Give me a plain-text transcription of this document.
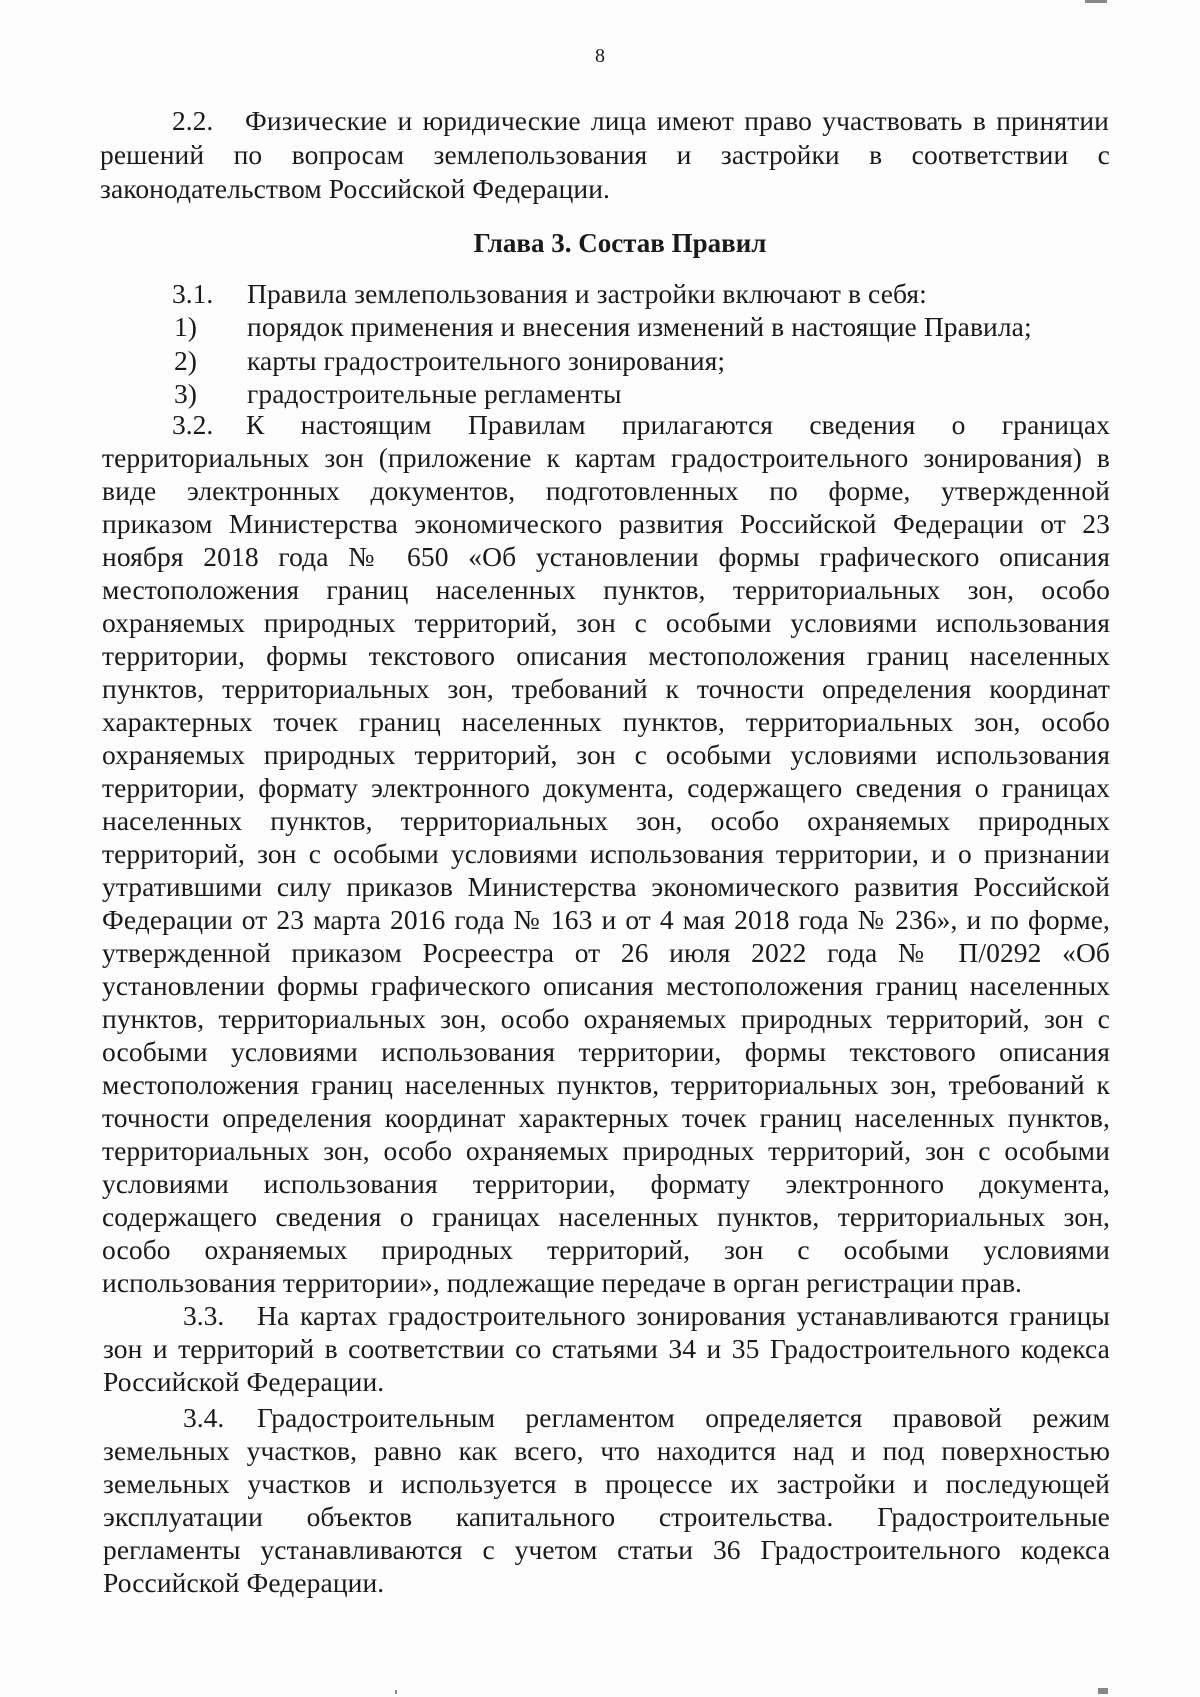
8
2.2. Физические и юридические лица имеют право участвовать в принятии
решений по вопросам землепользования и застройки в соответствии с
законодательством Российской Федерации.
Глава 3. Состав Правил
3.1. Правила землепользования и застройки включают в себя:
1) порядок применения и внесения изменений в настоящие Правила;
2) карты градостроительного зонирования;
3) градостроительные регламенты
3.2. К настоящим Правилам прилагаются сведения о границах
территориальных зон (приложение к картам градостроительного зонирования) в
виде электронных документов, подготовленных по форме, утвержденной
приказом Министерства экономического развития Российской Федерации от 23
ноября 2018 года № 650 «Об установлении формы графического описания
местоположения границ населенных пунктов, территориальных зон, особо
охраняемых природных территорий, зон с особыми условиями использования
территории, формы текстового описания местоположения границ населенных
пунктов, территориальных зон, требований к точности определения координат
характерных точек границ населенных пунктов, территориальных зон, особо
охраняемых природных территорий, зон с особыми условиями использования
территории, формату электронного документа, содержащего сведения о границах
населенных пунктов, территориальных зон, особо охраняемых природных
территорий, зон с особыми условиями использования территории, и о признании
утратившими силу приказов Министерства экономического развития Российской
Федерации от 23 марта 2016 года № 163 и от 4 мая 2018 года № 236», и по форме,
утвержденной приказом Росреестра от 26 июля 2022 года № П/0292 «Об
установлении формы графического описания местоположения границ населенных
пунктов, территориальных зон, особо охраняемых природных территорий, зон с
особыми условиями использования территории, формы текстового описания
местоположения границ населенных пунктов, территориальных зон, требований к
точности определения координат характерных точек границ населенных пунктов,
территориальных зон, особо охраняемых природных территорий, зон с особыми
условиями использования территории, формату электронного документа,
содержащего сведения о границах населенных пунктов, территориальных зон,
особо охраняемых природных территорий, зон с особыми условиями
использования территории», подлежащие передаче в орган регистрации прав.
3.3. На картах градостроительного зонирования устанавливаются границы
зон и территорий в соответствии со статьями 34 и 35 Градостроительного кодекса
Российской Федерации.
3.4. Градостроительным регламентом определяется правовой режим
земельных участков, равно как всего, что находится над и под поверхностью
земельных участков и используется в процессе их застройки и последующей
эксплуатации объектов капитального строительства. Градостроительные
регламенты устанавливаются с учетом статьи 36 Градостроительного кодекса
Российской Федерации.
